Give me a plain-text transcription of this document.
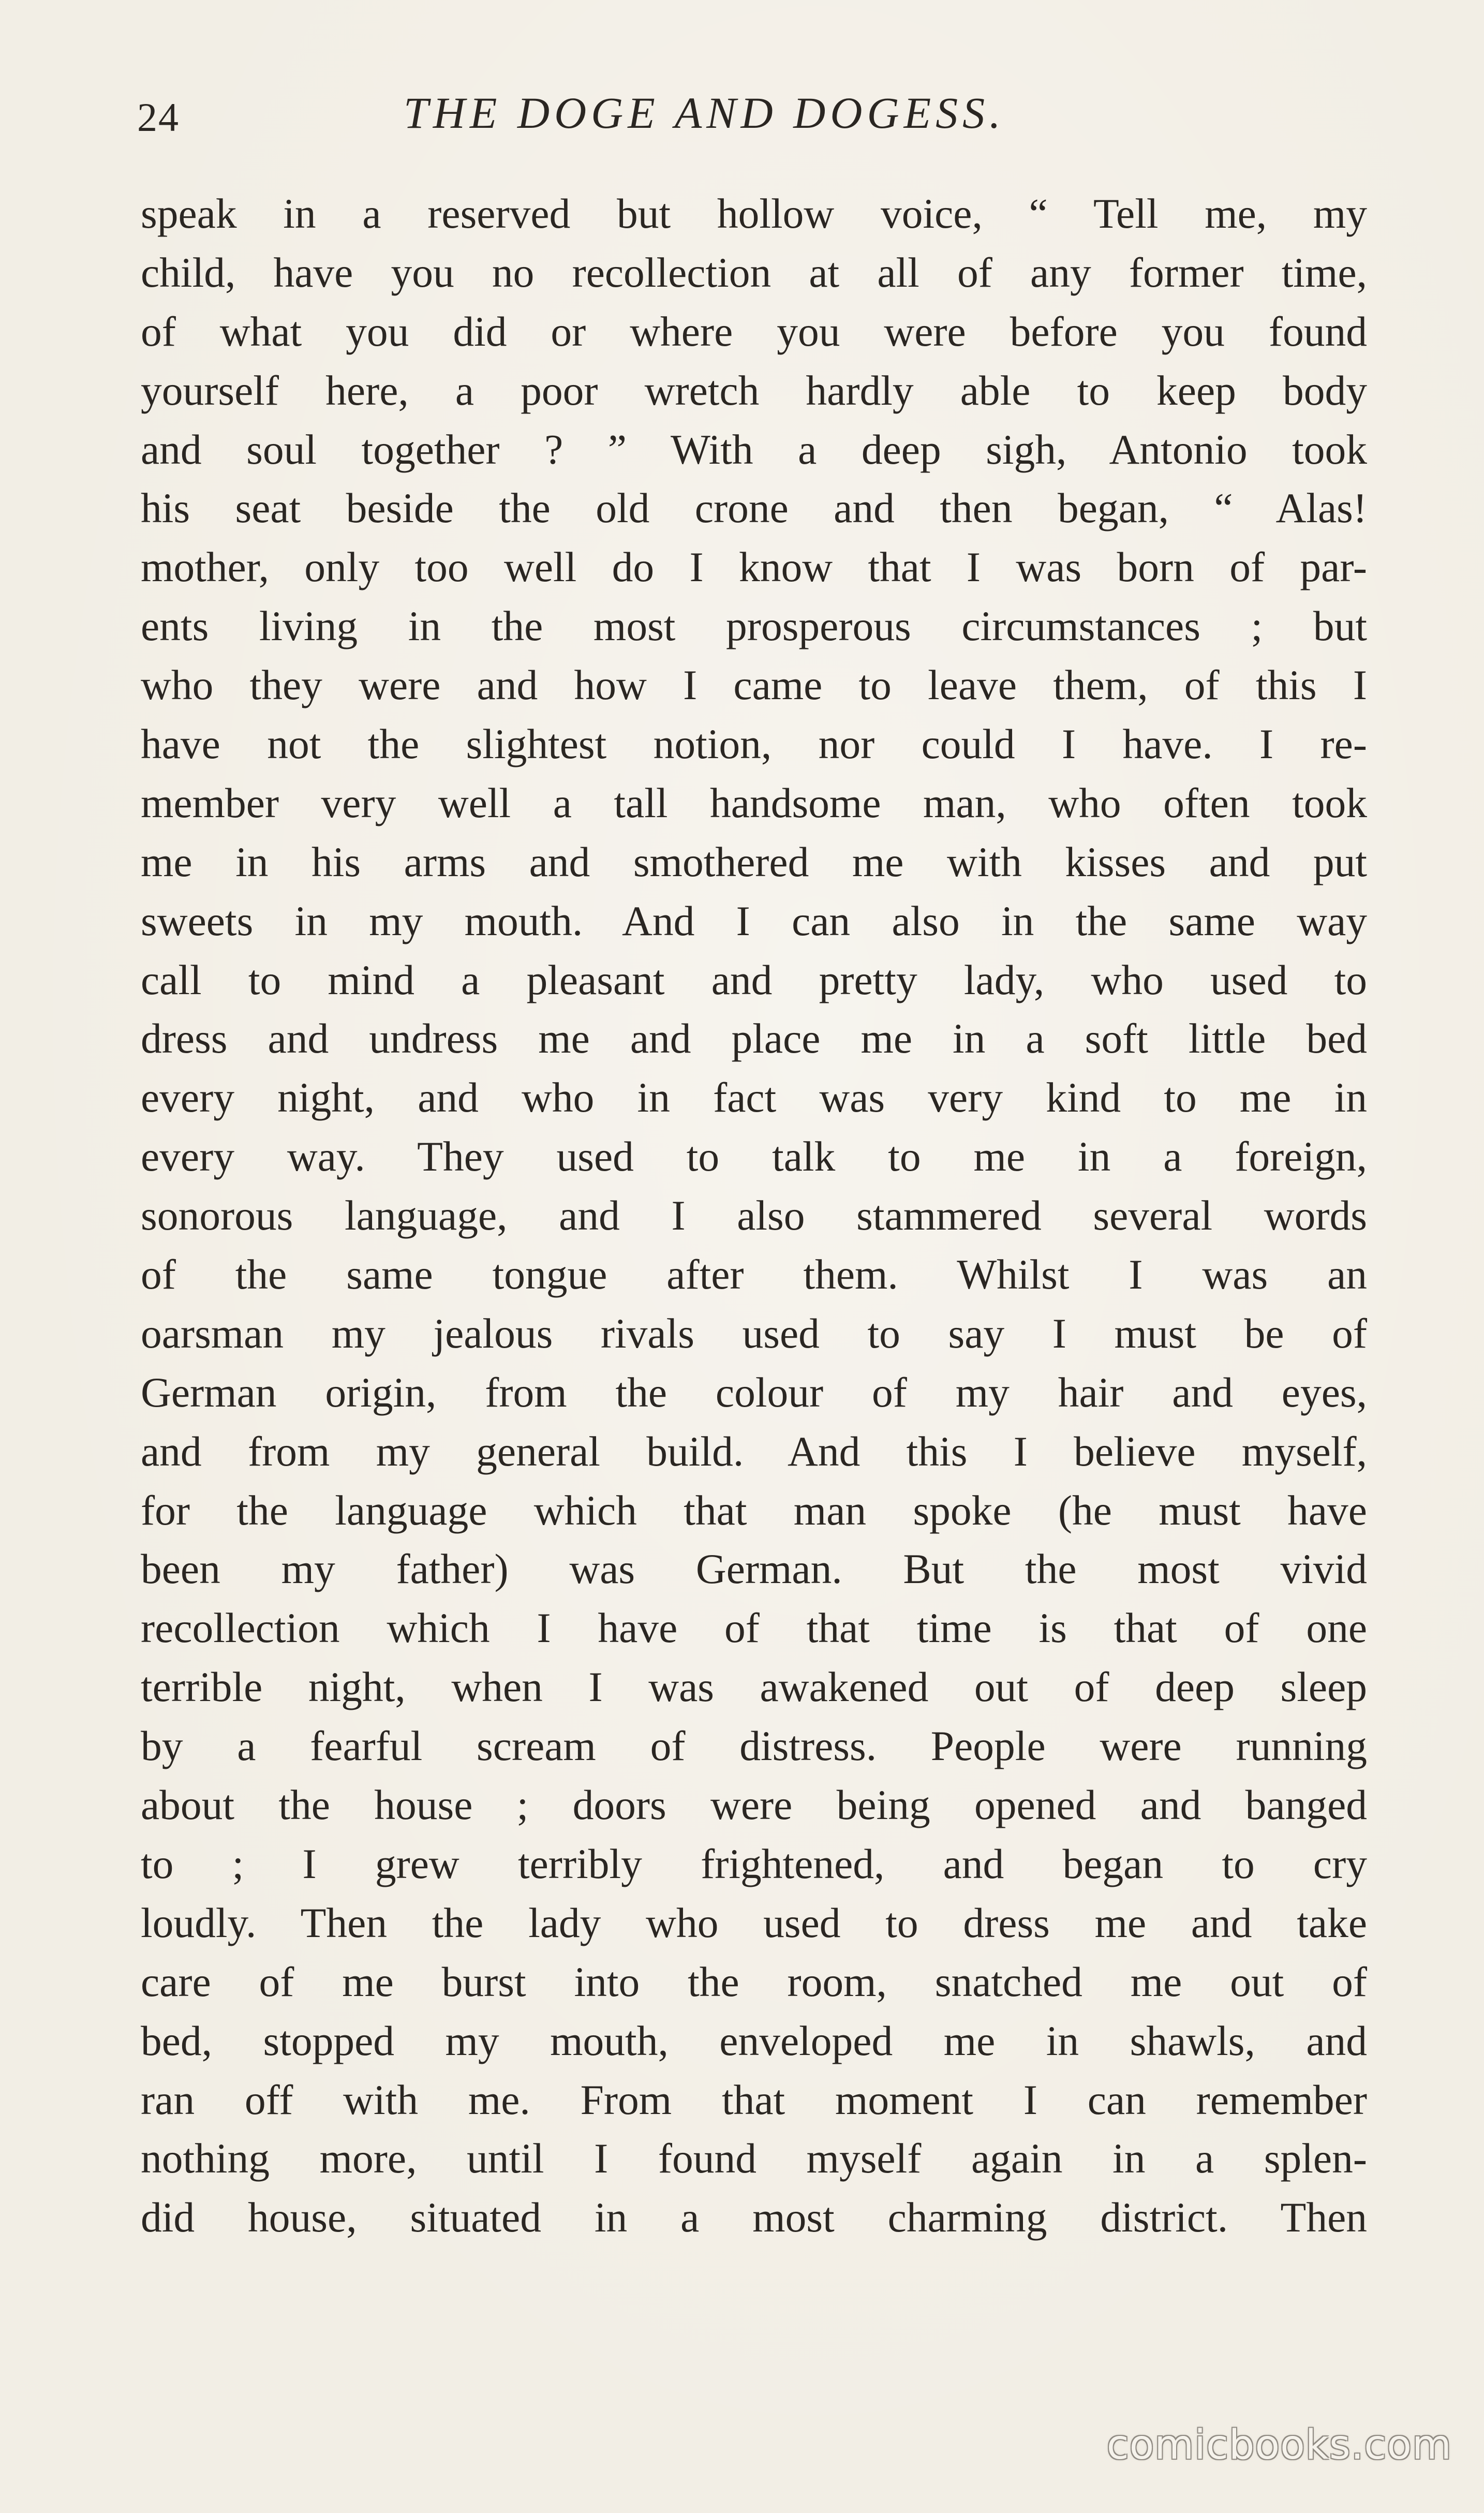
24	THE DOGE AND DOGESS.
speak in a reserved but hollow voice, “ Tell me, my
child, have you no recollection at all of any former time,
of what you did or where you were before you found
yourself here, a poor wretch hardly able to keep body
and soul together ? ” With a deep sigh, Antonio took
his seat beside the old crone and then began, “ Alas!
mother, only too well do I know that I was born of par-
ents living in the most prosperous circumstances ; but
who they were and how I came to leave them, of this I
have not the slightest notion, nor could I have. I re-
member very well a tall handsome man, who often took
me in his arms and smothered me with kisses and put
sweets in my mouth. And I can also in the same way
call to mind a pleasant and pretty lady, who used to
dress and undress me and place me in a soft little bed
every night, and who in fact was very kind to me in
every way. They used to talk to me in a foreign,
sonorous language, and I also stammered several words
of the same tongue after them. Whilst I was an
oarsman my jealous rivals used to say I must be of
German origin, from the colour of my hair and eyes,
and from my general build. And this I believe myself,
for the language which that man spoke (he must have
been my father) was German. But the most vivid
recollection which I have of that time is that of one
terrible night, when I was awakened out of deep sleep
by a fearful scream of distress. People were running
about the house ; doors were being opened and banged
to ; I grew terribly frightened, and began to cry
loudly. Then the lady who used to dress me and take
care of me burst into the room, snatched me out of
bed, stopped my mouth, enveloped me in shawls, and
ran off with me. From that moment I can remember
nothing more, until I found myself again in a splen-
did house, situated in a most charming district. Then
comicbooks.com
